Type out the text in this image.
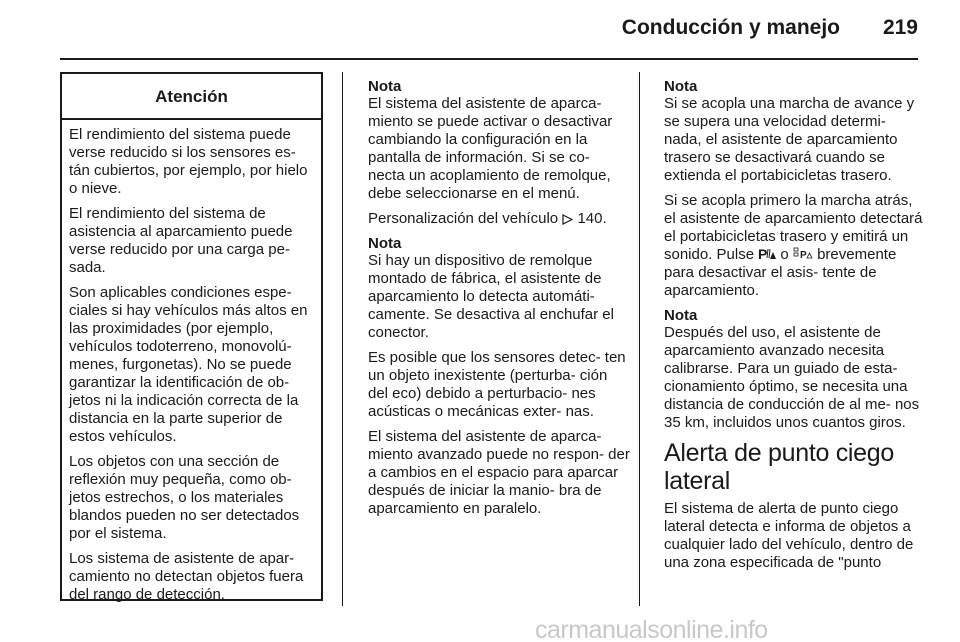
Conducción y manejo 219
Atención

El rendimiento del sistema puede verse reducido si los sensores es- tán cubiertos, por ejemplo, por hielo o nieve.

El rendimiento del sistema de asistencia al aparcamiento puede verse reducido por una carga pe- sada.

Son aplicables condiciones espe- ciales si hay vehículos más altos en las proximidades (por ejemplo, vehículos todoterreno, monovolú- menes, furgonetas). No se puede garantizar la identificación de ob- jetos ni la indicación correcta de la distancia en la parte superior de estos vehículos.

Los objetos con una sección de reflexión muy pequeña, como ob- jetos estrechos, o los materiales blandos pueden no ser detectados por el sistema.

Los sistema de asistente de apar- camiento no detectan objetos fuera del rango de detección.

Nota

El sistema del asistente de aparca- miento se puede activar o desactivar cambiando la configuración en la pantalla de información. Si se co- necta un acoplamiento de remolque, debe seleccionarse en el menú.

Personalización del vehículo 140.

Nota

Si hay un dispositivo de remolque montado de fábrica, el asistente de aparcamiento lo detecta automáti- camente. Se desactiva al enchufar el conector.

Es posible que los sensores detec- ten un objeto inexistente (perturba- ción del eco) debido a perturbacio- nes acústicas o mecánicas exter- nas.

El sistema del asistente de aparca- miento avanzado puede no respon- der a cambios en el espacio para aparcar después de iniciar la manio- bra de aparcamiento en paralelo.

Nota

Si se acopla una marcha de avance y se supera una velocidad determi- nada, el asistente de aparcamiento trasero se desactivará cuando se extienda el portabicicletas trasero.

Si se acopla primero la marcha atrás, el asistente de aparcamiento detectará el portabicicletas trasero y emitirá un sonido. Pulse P o P brevemente para desactivar el asis- tente de aparcamiento.

Nota

Después del uso, el asistente de aparcamiento avanzado necesita calibrarse. Para un guiado de esta- cionamiento óptimo, se necesita una distancia de conducción de al me- nos 35 km, incluidos unos cuantos giros.

Alerta de punto ciego lateral

El sistema de alerta de punto ciego lateral detecta e informa de objetos a cualquier lado del vehículo, dentro de una zona especificada de "punto

carmanualsonline.info
